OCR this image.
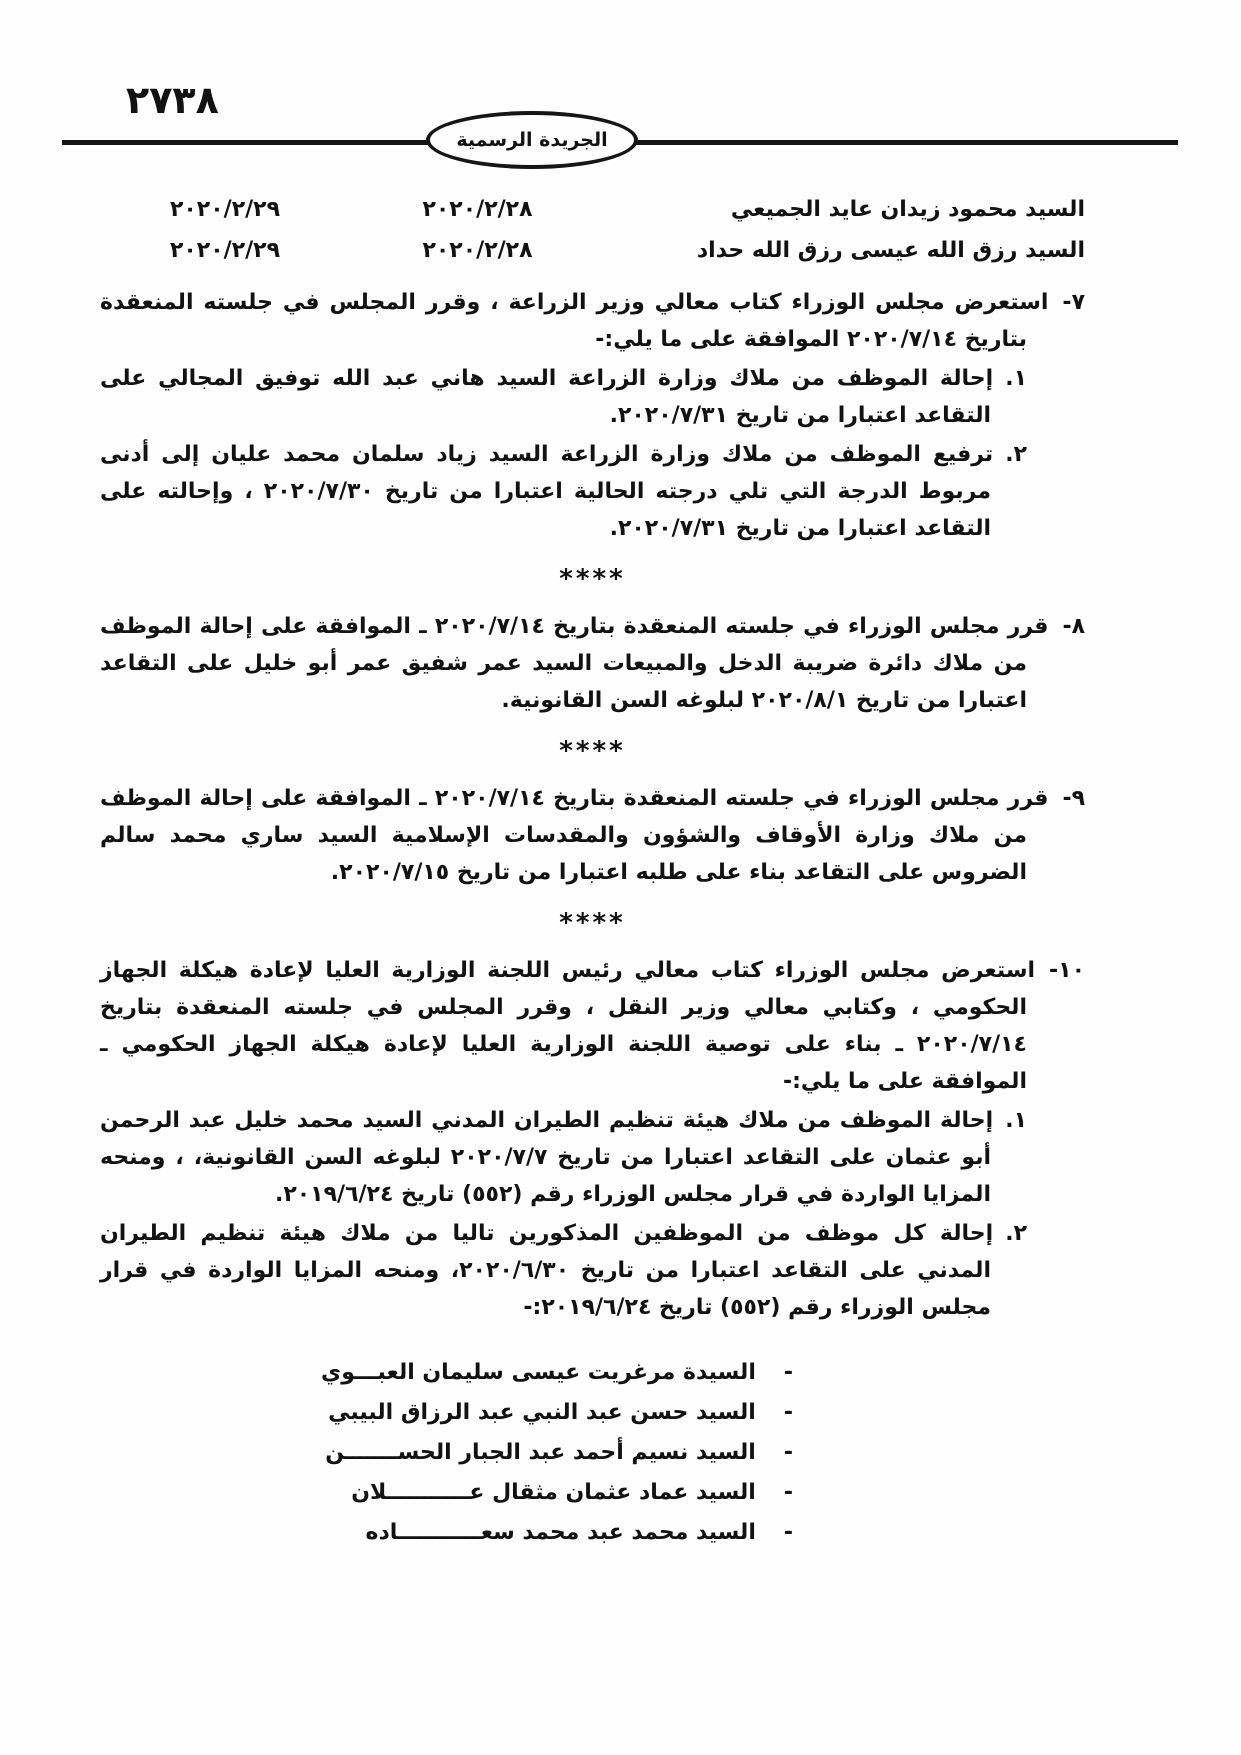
٢٧٣٨
الجريدة الرسمية
السيد محمود زيدان عايد الجميعي
٢٠٢٠/٢/٢٨
٢٠٢٠/٢/٢٩
السيد رزق الله عيسى رزق الله حداد
٢٠٢٠/٢/٢٨
٢٠٢٠/٢/٢٩

٧-استعرض مجلس الوزراء كتاب معالي وزير الزراعة ، وقرر المجلس في جلسته المنعقدة بتاريخ ٢٠٢٠/٧/١٤ الموافقة على ما يلي:-

١.إحالة الموظف من ملاك وزارة الزراعة السيد هاني عبد الله توفيق المجالي على التقاعد اعتبارا من تاريخ ٢٠٢٠/٧/٣١.

٢.ترفيع الموظف من ملاك وزارة الزراعة السيد زياد سلمان محمد عليان إلى أدنى مربوط الدرجة التي تلي درجته الحالية اعتبارا من تاريخ ٢٠٢٠/٧/٣٠ ، وإحالته على التقاعد اعتبارا من تاريخ ٢٠٢٠/٧/٣١.

****

٨-قرر مجلس الوزراء في جلسته المنعقدة بتاريخ ٢٠٢٠/٧/١٤ ـ الموافقة على إحالة الموظف من ملاك دائرة ضريبة الدخل والمبيعات السيد عمر شفيق عمر أبو خليل على التقاعد اعتبارا من تاريخ ٢٠٢٠/٨/١ لبلوغه السن القانونية.

****

٩-قرر مجلس الوزراء في جلسته المنعقدة بتاريخ ٢٠٢٠/٧/١٤ ـ الموافقة على إحالة الموظف من ملاك وزارة الأوقاف والشؤون والمقدسات الإسلامية السيد ساري محمد سالم الضروس على التقاعد بناء على طلبه اعتبارا من تاريخ ٢٠٢٠/٧/١٥.

****

١٠-استعرض مجلس الوزراء كتاب معالي رئيس اللجنة الوزارية العليا لإعادة هيكلة الجهاز الحكومي ، وكتابي معالي وزير النقل ، وقرر المجلس في جلسته المنعقدة بتاريخ ٢٠٢٠/٧/١٤ ـ بناء على توصية اللجنة الوزارية العليا لإعادة هيكلة الجهاز الحكومي ـ الموافقة على ما يلي:-

١.إحالة الموظف من ملاك هيئة تنظيم الطيران المدني السيد محمد خليل عبد الرحمن أبو عثمان على التقاعد اعتبارا من تاريخ ٢٠٢٠/٧/٧ لبلوغه السن القانونية، ، ومنحه المزايا الواردة في قرار مجلس الوزراء رقم (٥٥٢) تاريخ ٢٠١٩/٦/٢٤.

٢.إحالة كل موظف من الموظفين المذكورين تاليا من ملاك هيئة تنظيم الطيران المدني على التقاعد اعتبارا من تاريخ ٢٠٢٠/٦/٣٠، ومنحه المزايا الواردة في قرار مجلس الوزراء رقم (٥٥٢) تاريخ ٢٠١٩/٦/٢٤:-

-
السيدة مرغريت عيسى سليمان العبـــوي
-
السيد حسن عبد النبي عبد الرزاق البيبي
-
السيد نسيم أحمد عبد الجبار الحســـــــن
-
السيد عماد عثمان مثقال عـــــــــــلان
-
السيد محمد عبد محمد سعـــــــــــاده
